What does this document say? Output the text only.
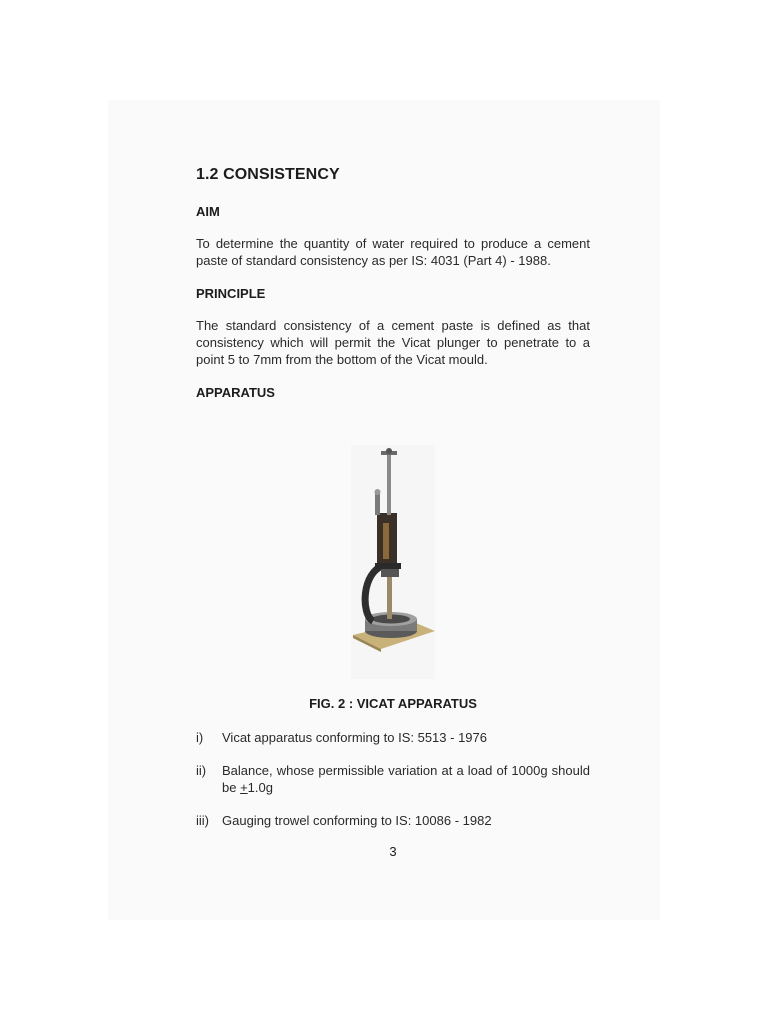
1.2 CONSISTENCY

AIM

To determine the quantity of water required to produce a cement paste of standard consistency as per IS: 4031 (Part 4) - 1988.

PRINCIPLE

The standard consistency of a cement paste is defined as that consistency which will permit the Vicat plunger to penetrate to a point 5 to 7mm from the bottom of the Vicat mould.

APPARATUS

FIG. 2 : VICAT APPARATUS

i) Vicat apparatus conforming to IS: 5513 - 1976
ii) Balance, whose permissible variation at a load of 1000g should be +1.0g
iii) Gauging trowel conforming to IS: 10086 - 1982

3
